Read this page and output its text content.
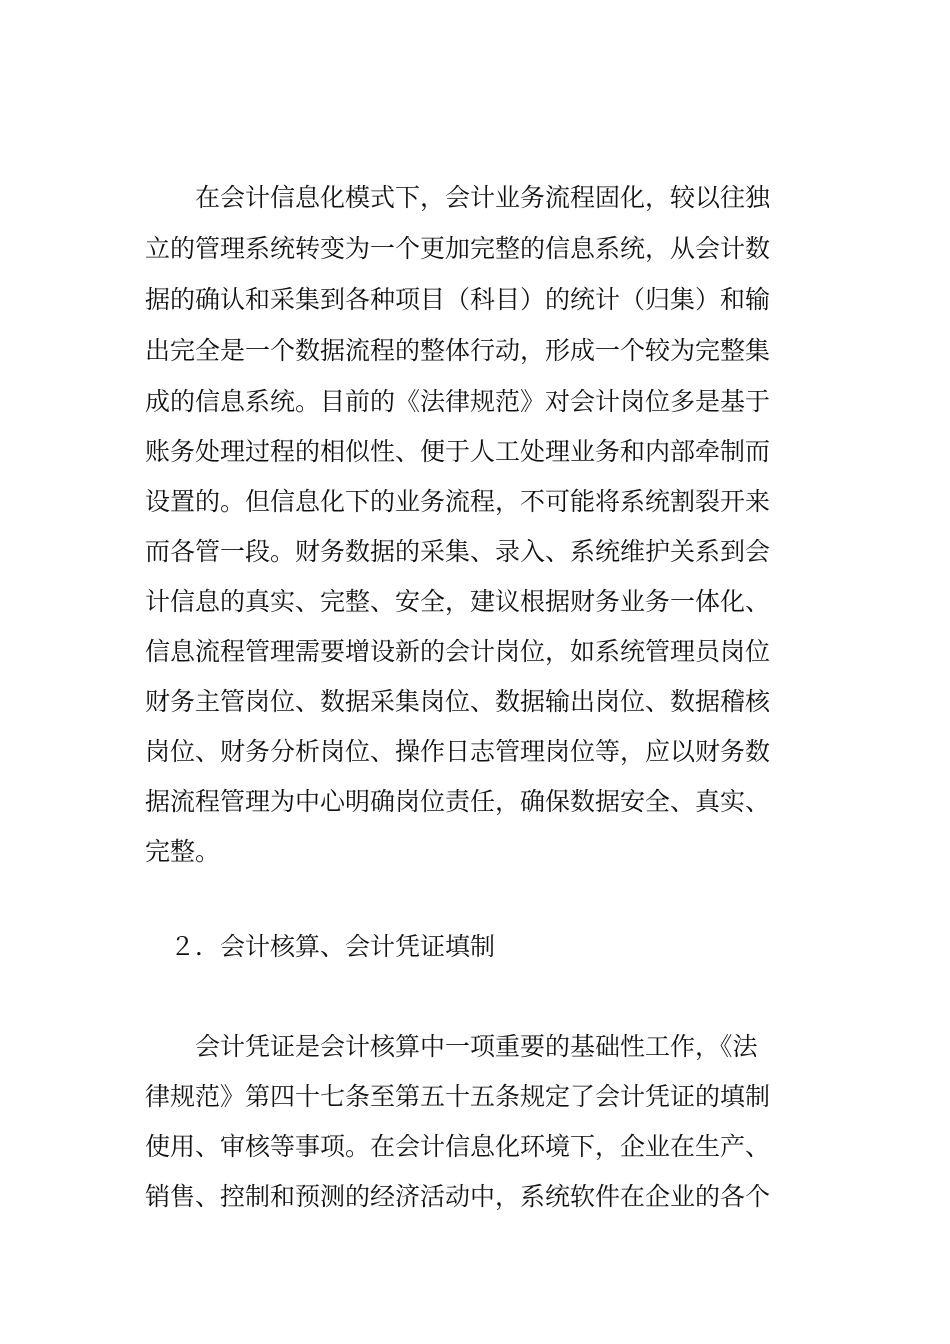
　　在会计信息化模式下，会计业务流程固化，较以往独

立的管理系统转变为一个更加完整的信息系统，从会计数

据的确认和采集到各种项目（科目）的统计（归集）和输

出完全是一个数据流程的整体行动，形成一个较为完整集

成的信息系统。目前的《法律规范》对会计岗位多是基于

账务处理过程的相似性、便于人工处理业务和内部牵制而

设置的。但信息化下的业务流程，不可能将系统割裂开来

而各管一段。财务数据的采集、录入、系统维护关系到会

计信息的真实、完整、安全，建议根据财务业务一体化、

信息流程管理需要增设新的会计岗位，如系统管理员岗位

财务主管岗位、数据采集岗位、数据输出岗位、数据稽核

岗位、财务分析岗位、操作日志管理岗位等，应以财务数

据流程管理为中心明确岗位责任，确保数据安全、真实、

完整。

　２．会计核算、会计凭证填制

　　会计凭证是会计核算中一项重要的基础性工作，《法

律规范》第四十七条至第五十五条规定了会计凭证的填制

使用、审核等事项。在会计信息化环境下，企业在生产、

销售、控制和预测的经济活动中，系统软件在企业的各个
